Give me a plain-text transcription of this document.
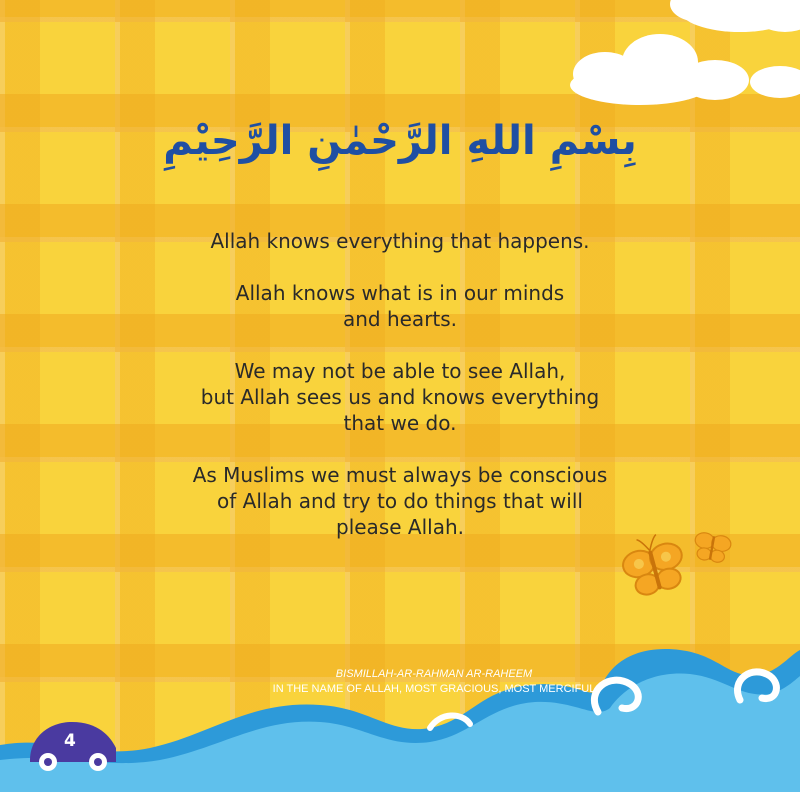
بِسْمِ اللهِ الرَّحْمٰنِ الرَّحِيْمِ

Allah knows everything that happens.

Allah knows what is in our minds
and hearts.

We may not be able to see Allah,
but Allah sees us and knows everything
that we do.

As Muslims we must always be conscious
of Allah and try to do things that will
please Allah.

BISMILLAH-AR-RAHMAN AR-RAHEEM
IN THE NAME OF ALLAH, MOST GRACIOUS, MOST MERCIFUL
4
